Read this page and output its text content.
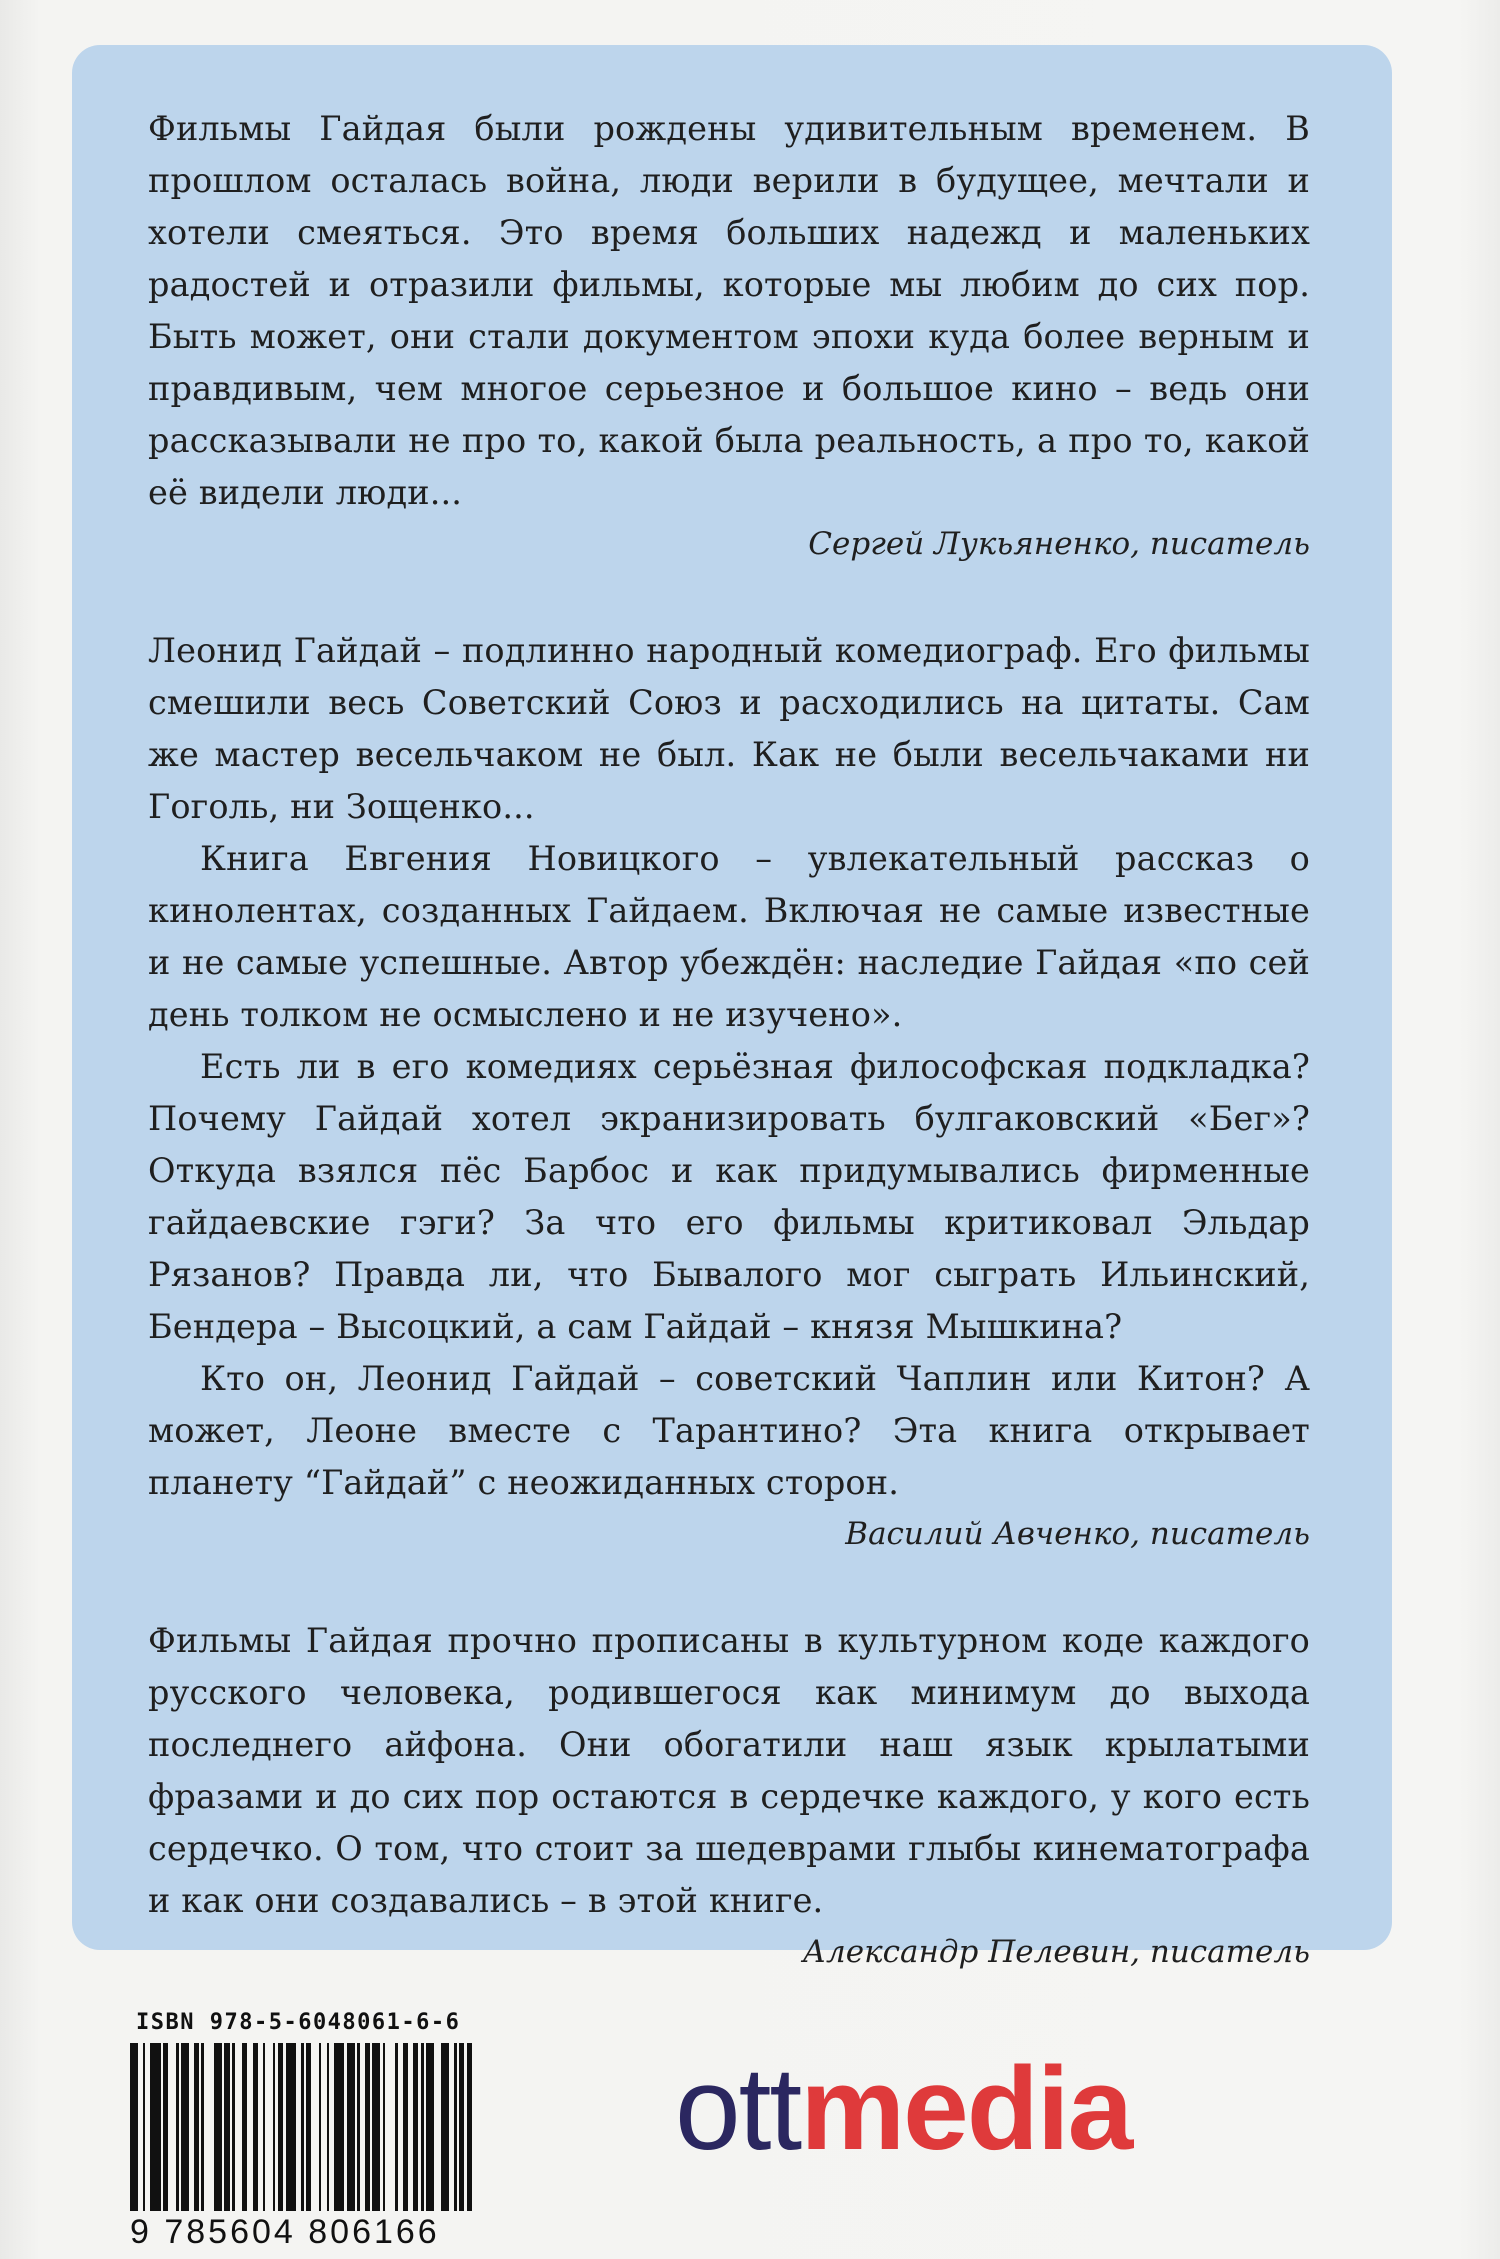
Фильмы Гайдая были рождены удивительным временем. В прошлом осталась война, люди верили в будущее, мечтали и хотели смеяться. Это время больших надежд и маленьких радостей и отразили фильмы, которые мы любим до сих пор. Быть может, они стали документом эпохи куда более верным и правдивым, чем многое серьезное и большое кино – ведь они рассказывали не про то, какой была реальность, а про то, какой её видели люди...

Сергей Лукьяненко, писатель

Леонид Гайдай – подлинно народный комедиограф. Его фильмы смешили весь Советский Союз и расходились на цитаты. Сам же мастер весельчаком не был. Как не были весельчаками ни Гоголь, ни Зощенко...

Книга Евгения Новицкого – увлекательный рассказ о кинолентах, созданных Гайдаем. Включая не самые известные и не самые успешные. Автор убеждён: наследие Гайдая «по сей день толком не осмыслено и не изучено».

Есть ли в его комедиях серьёзная философская подкладка? Почему Гайдай хотел экранизировать булгаковский «Бег»? Откуда взялся пёс Барбос и как придумывались фирменные гайдаевские гэги? За что его фильмы критиковал Эльдар Рязанов? Правда ли, что Бывалого мог сыграть Ильинский, Бендера – Высоцкий, а сам Гайдай – князя Мышкина?

Кто он, Леонид Гайдай – советский Чаплин или Китон? А может, Леоне вместе с Тарантино? Эта книга открывает планету “Гайдай” с неожиданных сторон.

Василий Авченко, писатель

Фильмы Гайдая прочно прописаны в культурном коде каждого русского человека, родившегося как минимум до выхода последнего айфона. Они обогатили наш язык крылатыми фразами и до сих пор остаются в сердечке каждого, у кого есть сердечко. О том, что стоит за шедеврами глыбы кинематографа и как они создавались – в этой книге.

Александр Пелевин, писатель
ISBN 978-5-6048061-6-6
9 785604 806166
ottmedia
